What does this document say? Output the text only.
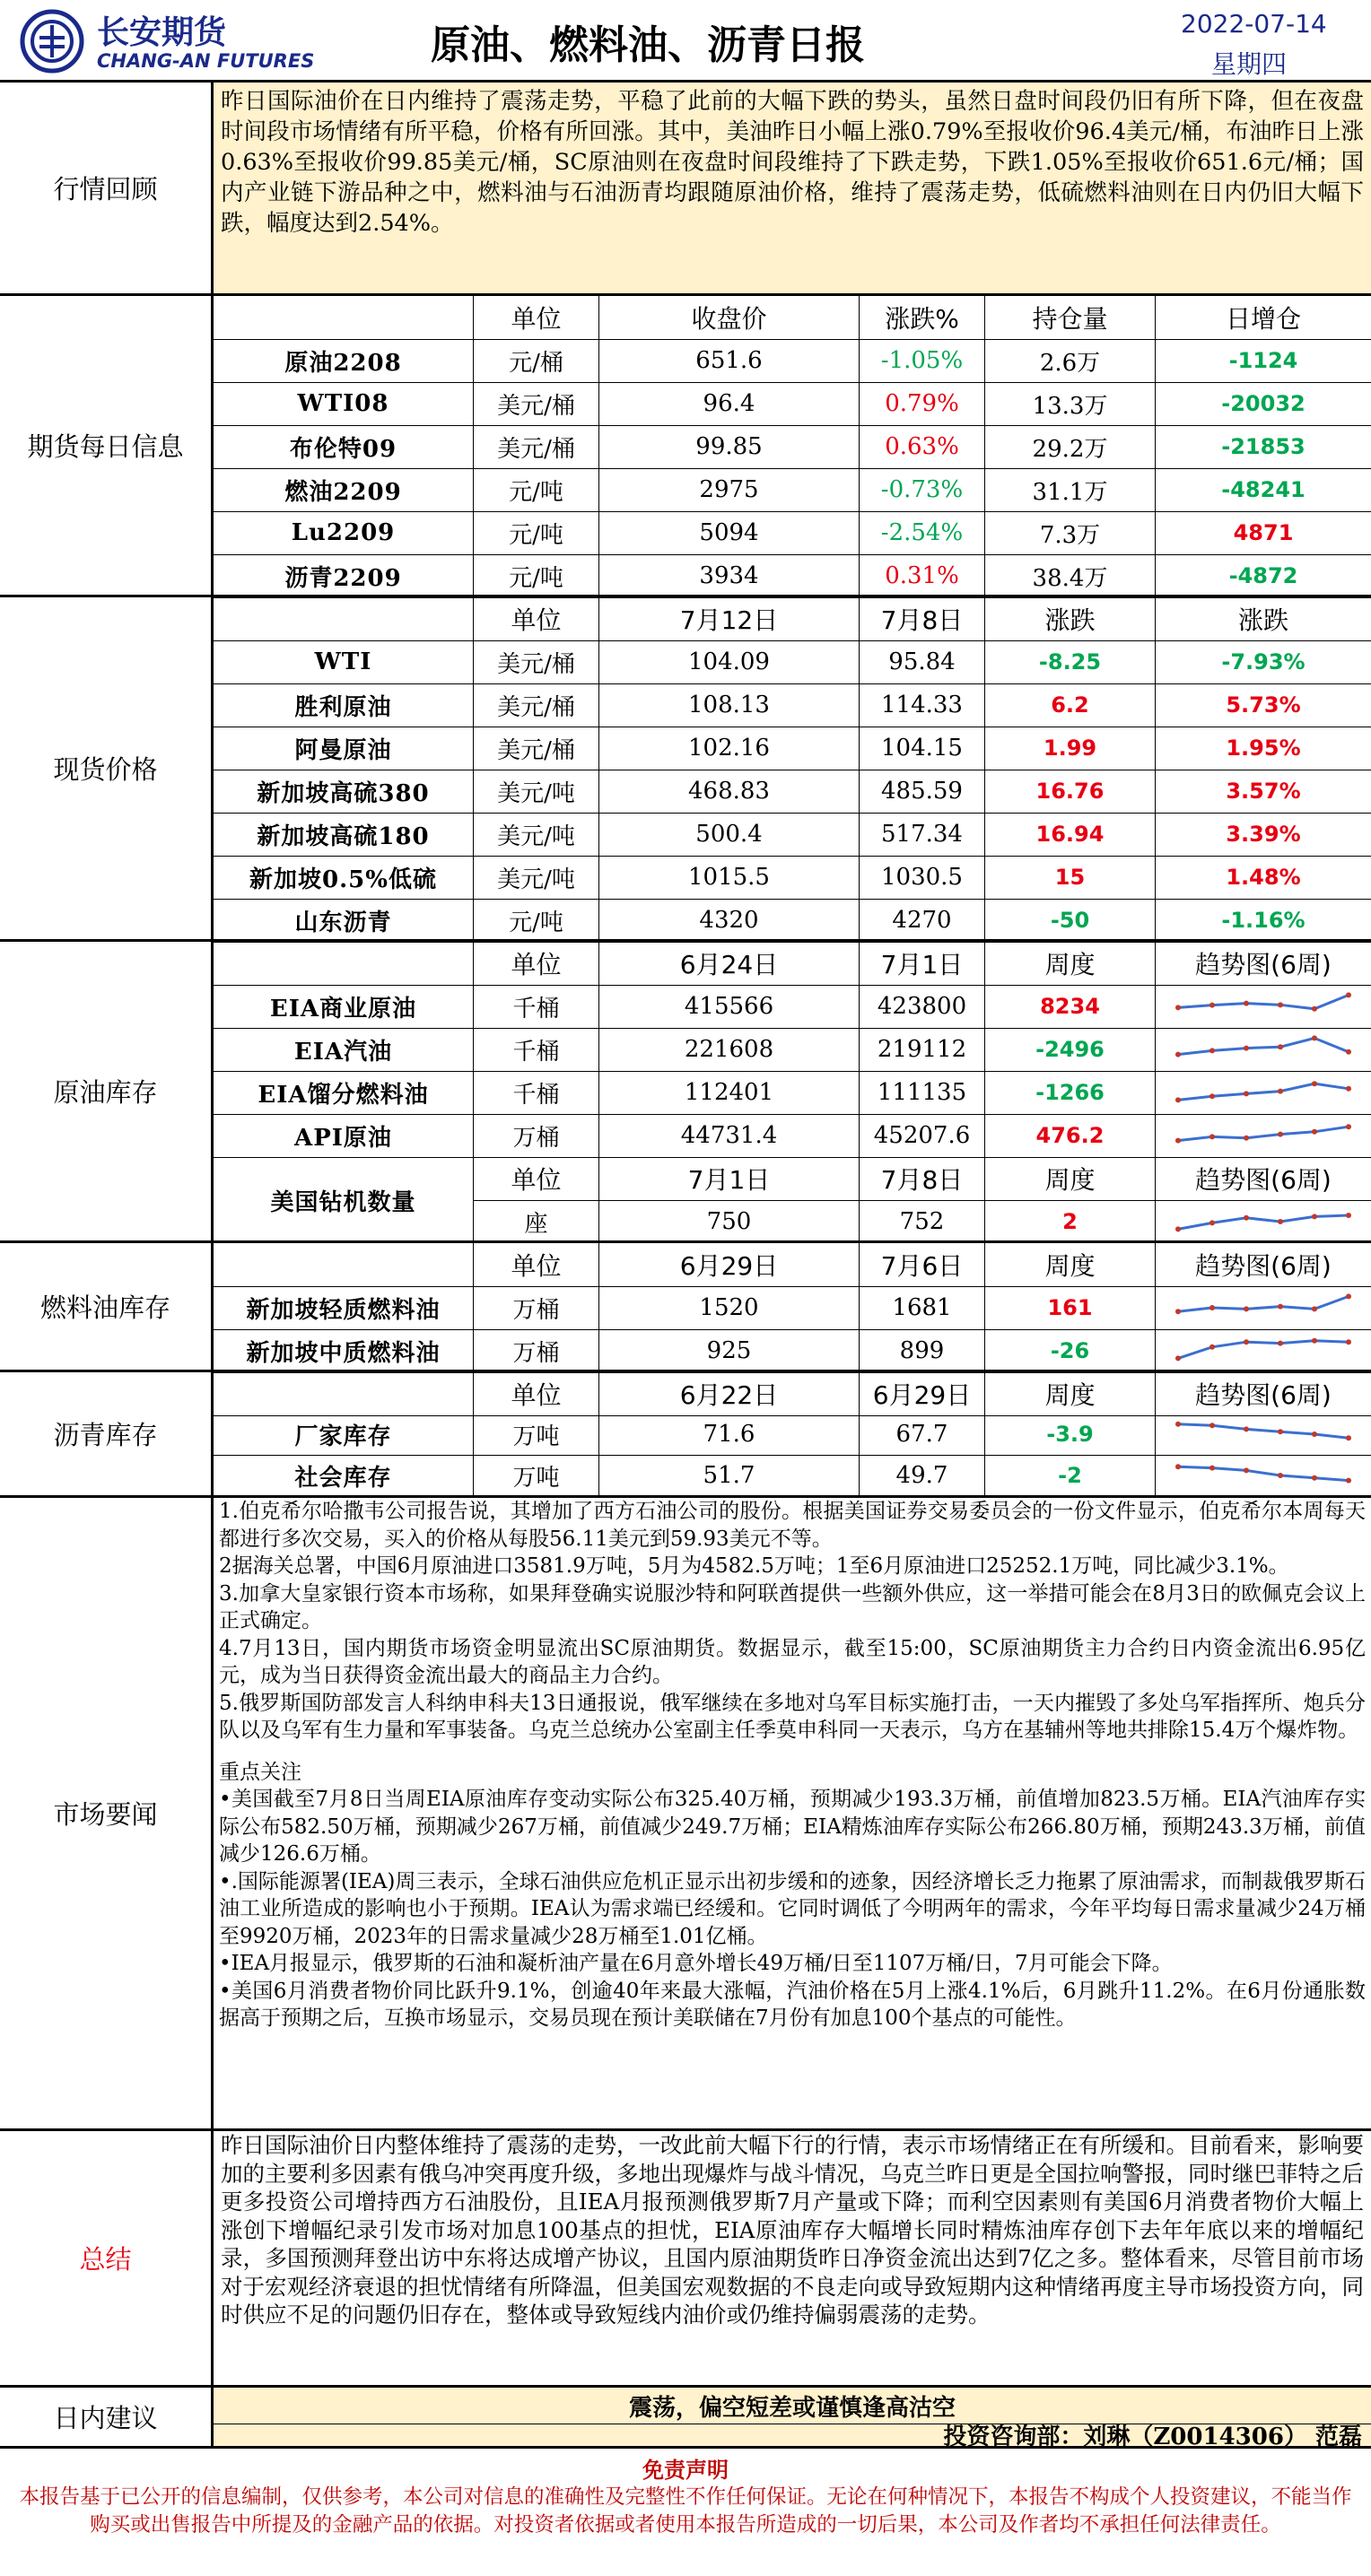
长安期货
CHANG-AN FUTURES	原油、燃料油、沥青日报	2022-07-14
星期四
行情回顾
昨日国际油价在日内维持了震荡走势，平稳了此前的大幅下跌的势头，虽然日盘时间段仍旧有所下降，但在夜盘时间段市场情绪有所平稳，价格有所回涨。其中，美油昨日小幅上涨0.79%至报收价96.4美元/桶，布油昨日上涨0.63%至报收价99.85美元/桶，SC原油则在夜盘时间段维持了下跌走势，下跌1.05%至报收价651.6元/桶；国内产业链下游品种之中，燃料油与石油沥青均跟随原油价格，维持了震荡走势，低硫燃料油则在日内仍旧大幅下跌，幅度达到2.54%。
期货每日信息
单位	收盘价	涨跌%	持仓量	日增仓
原油2208	元/桶	651.6	-1.05%	2.6万	-1124
WTI08	美元/桶	96.4	0.79%	13.3万	-20032
布伦特09	美元/桶	99.85	0.63%	29.2万	-21853
燃油2209	元/吨	2975	-0.73%	31.1万	-48241
Lu2209	元/吨	5094	-2.54%	7.3万	4871
沥青2209	元/吨	3934	0.31%	38.4万	-4872
现货价格
单位	7月12日	7月8日	涨跌	涨跌
WTI	美元/桶	104.09	95.84	-8.25	-7.93%
胜利原油	美元/桶	108.13	114.33	6.2	5.73%
阿曼原油	美元/桶	102.16	104.15	1.99	1.95%
新加坡高硫380	美元/吨	468.83	485.59	16.76	3.57%
新加坡高硫180	美元/吨	500.4	517.34	16.94	3.39%
新加坡0.5%低硫	美元/吨	1015.5	1030.5	15	1.48%
山东沥青	元/吨	4320	4270	-50	-1.16%
原油库存
单位	6月24日	7月1日	周度	趋势图(6周)
EIA商业原油	千桶	415566	423800	8234
EIA汽油	千桶	221608	219112	-2496
EIA馏分燃料油	千桶	112401	111135	-1266
API原油	万桶	44731.4	45207.6	476.2
美国钻机数量
单位	7月1日	7月8日	周度	趋势图(6周)
座	750	752	2
燃料油库存
单位	6月29日	7月6日	周度	趋势图(6周)
新加坡轻质燃料油	万桶	1520	1681	161
新加坡中质燃料油	万桶	925	899	-26
沥青库存
单位	6月22日	6月29日	周度	趋势图(6周)
厂家库存	万吨	71.6	67.7	-3.9
社会库存	万吨	51.7	49.7	-2
市场要闻

1.伯克希尔哈撒韦公司报告说，其增加了西方石油公司的股份。根据美国证券交易委员会的一份文件显示，伯克希尔本周每天都进行多次交易，买入的价格从每股56.11美元到59.93美元不等。

2据海关总署，中国6月原油进口3581.9万吨，5月为4582.5万吨；1至6月原油进口25252.1万吨，同比减少3.1%。

3.加拿大皇家银行资本市场称，如果拜登确实说服沙特和阿联酋提供一些额外供应，这一举措可能会在8月3日的欧佩克会议上正式确定。

4.7月13日，国内期货市场资金明显流出SC原油期货。数据显示，截至15:00，SC原油期货主力合约日内资金流出6.95亿元，成为当日获得资金流出最大的商品主力合约。

5.俄罗斯国防部发言人科纳申科夫13日通报说，俄军继续在多地对乌军目标实施打击，一天内摧毁了多处乌军指挥所、炮兵分队以及乌军有生力量和军事装备。乌克兰总统办公室副主任季莫申科同一天表示，乌方在基辅州等地共排除15.4万个爆炸物。

重点关注

•美国截至7月8日当周EIA原油库存变动实际公布325.40万桶，预期减少193.3万桶，前值增加823.5万桶。EIA汽油库存实际公布582.50万桶，预期减少267万桶，前值减少249.7万桶；EIA精炼油库存实际公布266.80万桶，预期243.3万桶，前值减少126.6万桶。

•.国际能源署(IEA)周三表示，全球石油供应危机正显示出初步缓和的迹象，因经济增长乏力拖累了原油需求，而制裁俄罗斯石油工业所造成的影响也小于预期。IEA认为需求端已经缓和。它同时调低了今明两年的需求，今年平均每日需求量减少24万桶至9920万桶，2023年的日需求量减少28万桶至1.01亿桶。

•IEA月报显示，俄罗斯的石油和凝析油产量在6月意外增长49万桶/日至1107万桶/日，7月可能会下降。

•美国6月消费者物价同比跃升9.1%，创逾40年来最大涨幅，汽油价格在5月上涨4.1%后，6月跳升11.2%。在6月份通胀数据高于预期之后，互换市场显示，交易员现在预计美联储在7月份有加息100个基点的可能性。

总结
昨日国际油价日内整体维持了震荡的走势，一改此前大幅下行的行情，表示市场情绪正在有所缓和。目前看来，影响要加的主要利多因素有俄乌冲突再度升级，多地出现爆炸与战斗情况，乌克兰昨日更是全国拉响警报，同时继巴菲特之后更多投资公司增持西方石油股份，且IEA月报预测俄罗斯7月产量或下降；而利空因素则有美国6月消费者物价大幅上涨创下增幅纪录引发市场对加息100基点的担忧，EIA原油库存大幅增长同时精炼油库存创下去年年底以来的增幅纪录，多国预测拜登出访中东将达成增产协议，且国内原油期货昨日净资金流出达到7亿之多。整体看来，尽管目前市场对于宏观经济衰退的担忧情绪有所降温，但美国宏观数据的不良走向或导致短期内这种情绪再度主导市场投资方向，同时供应不足的问题仍旧存在，整体或导致短线内油价或仍维持偏弱震荡的走势。
日内建议	震荡，偏空短差或谨慎逢高沽空
投资咨询部：刘琳（Z0014306） 范磊
免责声明
本报告基于已公开的信息编制，仅供参考，本公司对信息的准确性及完整性不作任何保证。无论在何种情况下，本报告不构成个人投资建议，不能当作购买或出售报告中所提及的金融产品的依据。对投资者依据或者使用本报告所造成的一切后果，本公司及作者均不承担任何法律责任。
